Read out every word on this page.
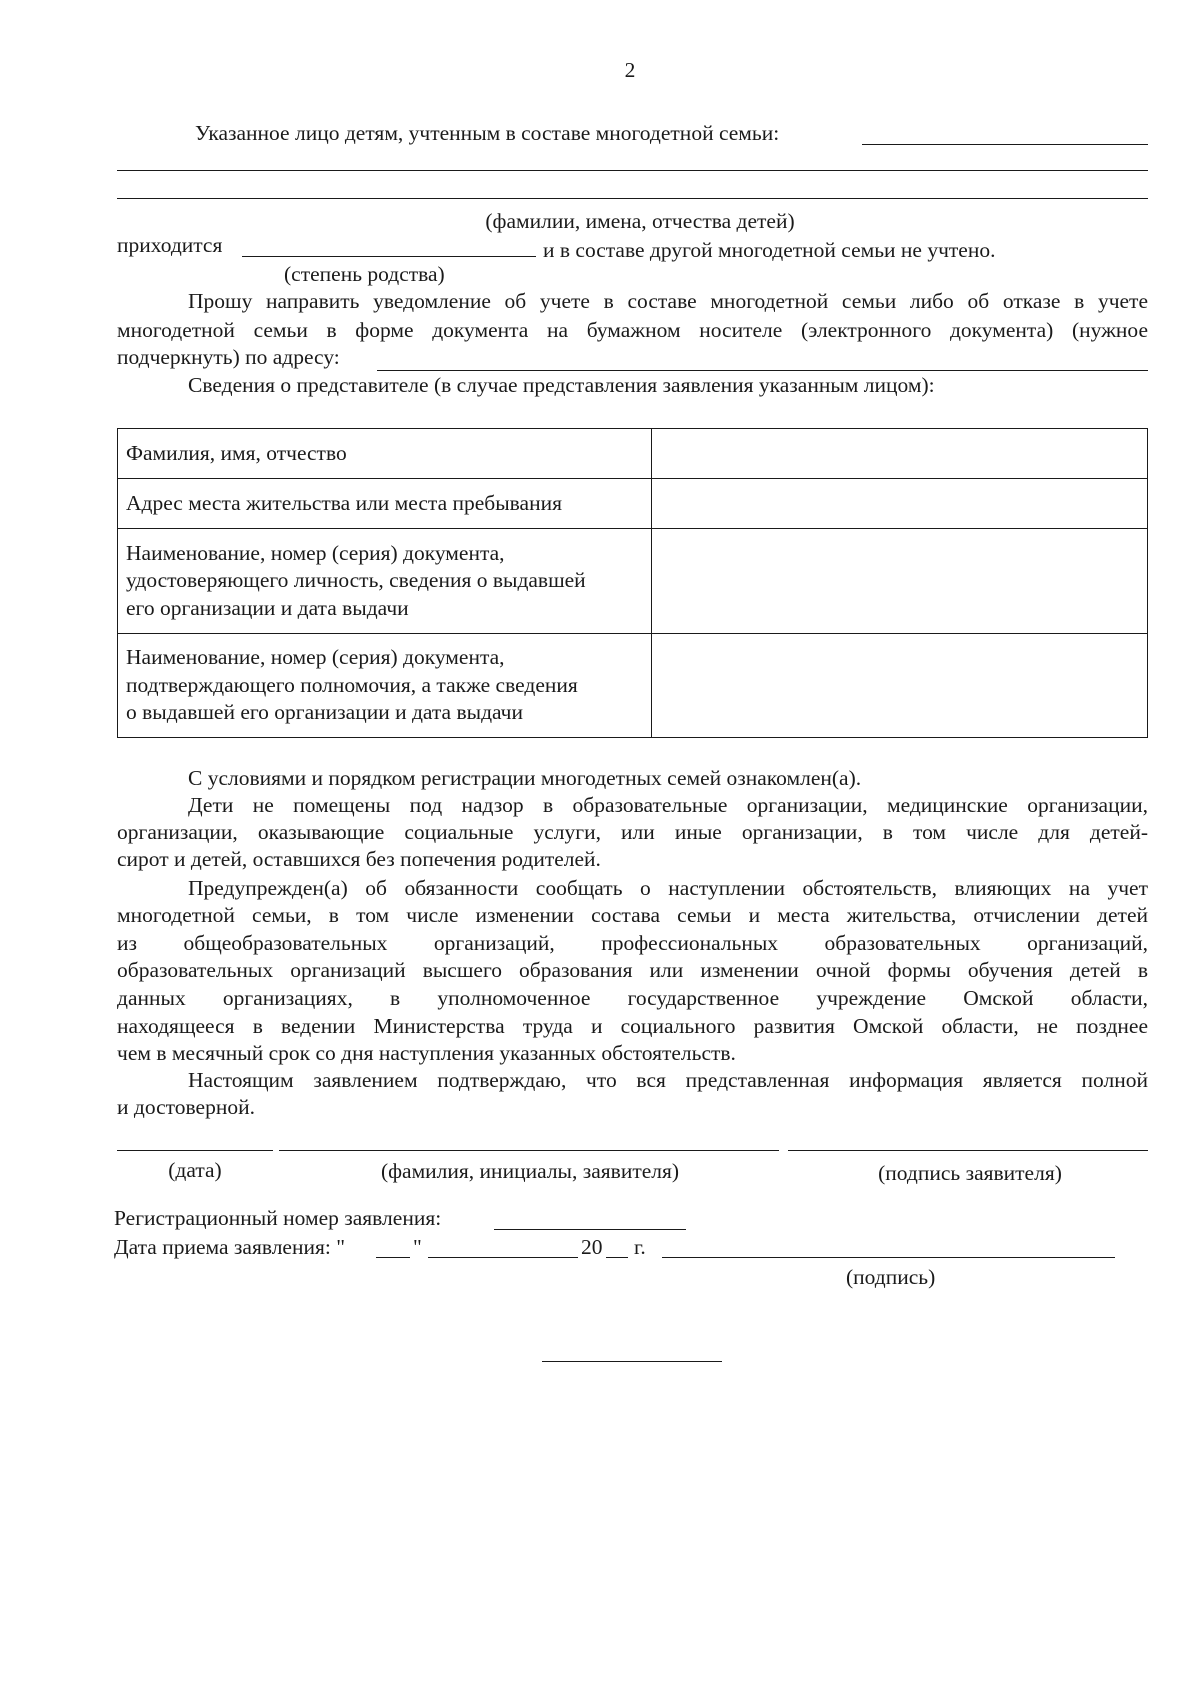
2
Указанное лицо детям, учтенным в составе многодетной семьи:
(фамилии, имена, отчества детей)
приходится	и в составе другой многодетной семьи не учтено.
(степень родства)
Прошу направить уведомление об учете в составе многодетной семьи либо об отказе в учете
многодетной семьи в форме документа на бумажном носителе (электронного документа) (нужное
подчеркнуть) по адресу:
Сведения о представителе (в случае представления заявления указанным лицом):
Фамилия, имя, отчество	

Адрес места жительства или места пребывания	

Наименование, номер (серия) документа,
удостоверяющего личность, сведения о выдавшей
его организации и дата выдачи	

Наименование, номер (серия) документа,
подтверждающего полномочия, а также сведения
о выдавшей его организации и дата выдачи	

С условиями и порядком регистрации многодетных семей ознакомлен(а).
Дети не помещены под надзор в образовательные организации, медицинские организации,
организации, оказывающие социальные услуги, или иные организации, в том числе для детей-
сирот и детей, оставшихся без попечения родителей.
Предупрежден(а) об обязанности сообщать о наступлении обстоятельств, влияющих на учет
многодетной семьи, в том числе изменении состава семьи и места жительства, отчислении детей
из общеобразовательных организаций, профессиональных образовательных организаций,
образовательных организаций высшего образования или изменении очной формы обучения детей в
данных организациях, в уполномоченное государственное учреждение Омской области,
находящееся в ведении Министерства труда и социального развития Омской области, не позднее
чем в месячный срок со дня наступления указанных обстоятельств.
Настоящим заявлением подтверждаю, что вся представленная информация является полной
и достоверной.
(дата)	(фамилия, инициалы, заявителя)	(подпись заявителя)
Регистрационный номер заявления:
Дата приема заявления: "	"	20 г.
(подпись)
